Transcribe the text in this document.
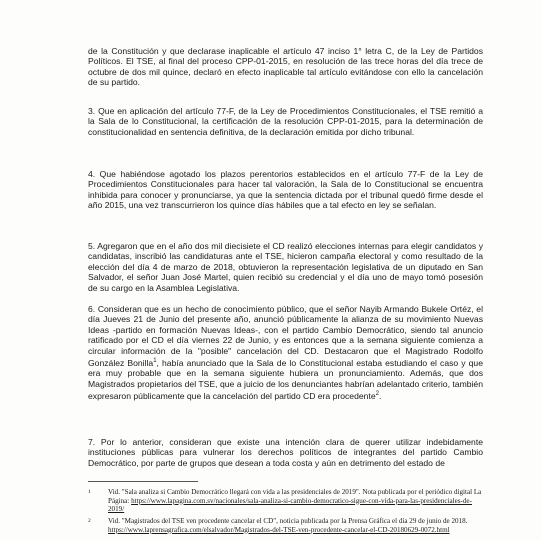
de la Constitución y que declarase inaplicable el artículo 47 inciso 1° letra C, de la Ley de Partidos Políticos. El TSE, al final del proceso CPP-01-2015, en resolución de las trece horas del día trece de octubre de dos mil quince, declaró en efecto inaplicable tal artículo evitándose con ello la cancelación de su partido.

3. Que en aplicación del artículo 77-F, de la Ley de Procedimientos Constitucionales, el TSE remitió a la Sala de lo Constitucional, la certificación de la resolución CPP-01-2015, para la determinación de constitucionalidad en sentencia definitiva, de la declaración emitida por dicho tribunal.

4. Que habiéndose agotado los plazos perentorios establecidos en el artículo 77-F de la Ley de Procedimientos Constitucionales para hacer tal valoración, la Sala de lo Constitucional se encuentra inhibida para conocer y pronunciarse, ya que la sentencia dictada por el tribunal quedó firme desde el año 2015, una vez transcurrieron los quince días hábiles que a tal efecto en ley se señalan.

5. Agregaron que en el año dos mil diecisiete el CD realizó elecciones internas para elegir candidatos y candidatas, inscribió las candidaturas ante el TSE, hicieron campaña electoral y como resultado de la elección del día 4 de marzo de 2018, obtuvieron la representación legislativa de un diputado en San Salvador, el señor Juan José Martel, quien recibió su credencial y el día uno de mayo tomó posesión de su cargo en la Asamblea Legislativa.

6. Consideran que es un hecho de conocimiento público, que el señor Nayib Armando Bukele Ortéz, el día Jueves 21 de Junio del presente año, anunció públicamente la alianza de su movimiento Nuevas Ideas -partido en formación Nuevas Ideas-, con el partido Cambio Democrático, siendo tal anuncio ratificado por el CD el día viernes 22 de Junio, y es entonces que a la semana siguiente comienza a circular información de la "posible" cancelación del CD. Destacaron que el Magistrado Rodolfo González Bonilla$^1$, había anunciado que la Sala de lo Constitucional estaba estudiando el caso y que era muy probable que en la semana siguiente hubiera un pronunciamiento. Además, que dos Magistrados propietarios del TSE, que a juicio de los denunciantes habrían adelantado criterio, también expresaron públicamente que la cancelación del partido CD era procedente$^2$.

7. Por lo anterior, consideran que existe una intención clara de querer utilizar indebidamente instituciones públicas para vulnerar los derechos políticos de integrantes del partido Cambio Democrático, por parte de grupos que desean a toda costa y aún en detrimento del estado de

1 Vid. "Sala analiza si Cambio Democrático llegará con vida a las presidenciales de 2019". Nota publicada por el periódico digital La Página: https://www.lapagina.com.sv/nacionales/sala-analiza-si-cambio-democratico-sigue-con-vida-para-las-presidenciales-de-2019/
2 Vid. "Magistrados del TSE ven procedente cancelar el CD", noticia publicada por la Prensa Gráfica el día 29 de junio de 2018. https://www.laprensagrafica.com/elsalvador/Magistrados-del-TSE-ven-procedente-cancelar-el-CD-20180629-0072.html
